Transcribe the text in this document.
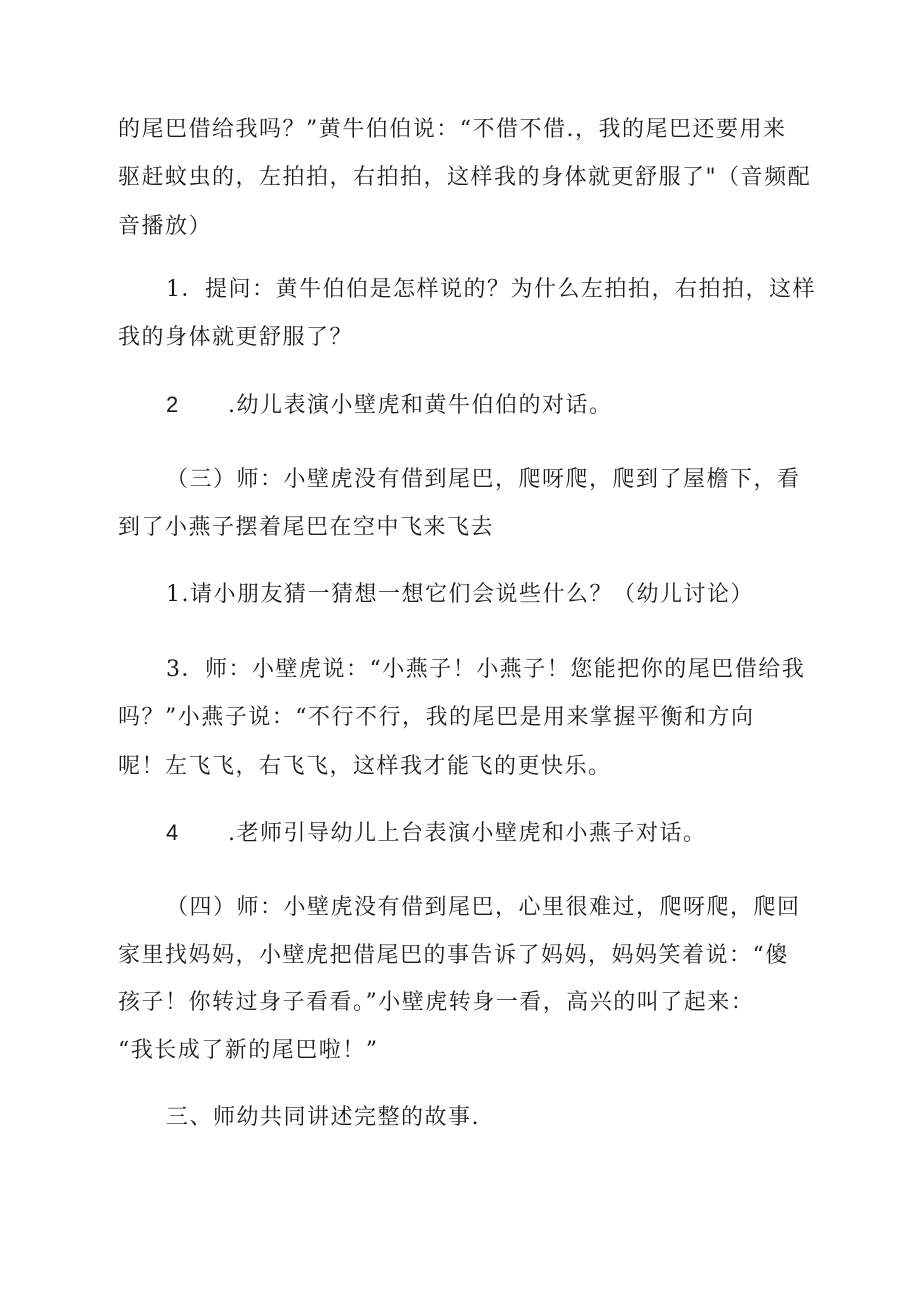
的尾巴借给我吗？”黄牛伯伯说：“不借不借.，我的尾巴还要用来
驱赶蚊虫的，左拍拍，右拍拍，这样我的身体就更舒服了"（音频配
音播放）
1．提问：黄牛伯伯是怎样说的？为什么左拍拍，右拍拍，这样
我的身体就更舒服了？
2 .幼儿表演小壁虎和黄牛伯伯的对话。
（三）师：小壁虎没有借到尾巴，爬呀爬，爬到了屋檐下，看
到了小燕子摆着尾巴在空中飞来飞去
1.请小朋友猜一猜想一想它们会说些什么？（幼儿讨论）
3．师：小壁虎说：“小燕子！小燕子！您能把你的尾巴借给我
吗？”小燕子说：“不行不行，我的尾巴是用来掌握平衡和方向
呢！左飞飞，右飞飞，这样我才能飞的更快乐。
4 .老师引导幼儿上台表演小壁虎和小燕子对话。
（四）师：小壁虎没有借到尾巴，心里很难过，爬呀爬，爬回
家里找妈妈，小壁虎把借尾巴的事告诉了妈妈，妈妈笑着说：“傻
孩子！你转过身子看看。”小壁虎转身一看，高兴的叫了起来：
“我长成了新的尾巴啦！”
三、师幼共同讲述完整的故事.
